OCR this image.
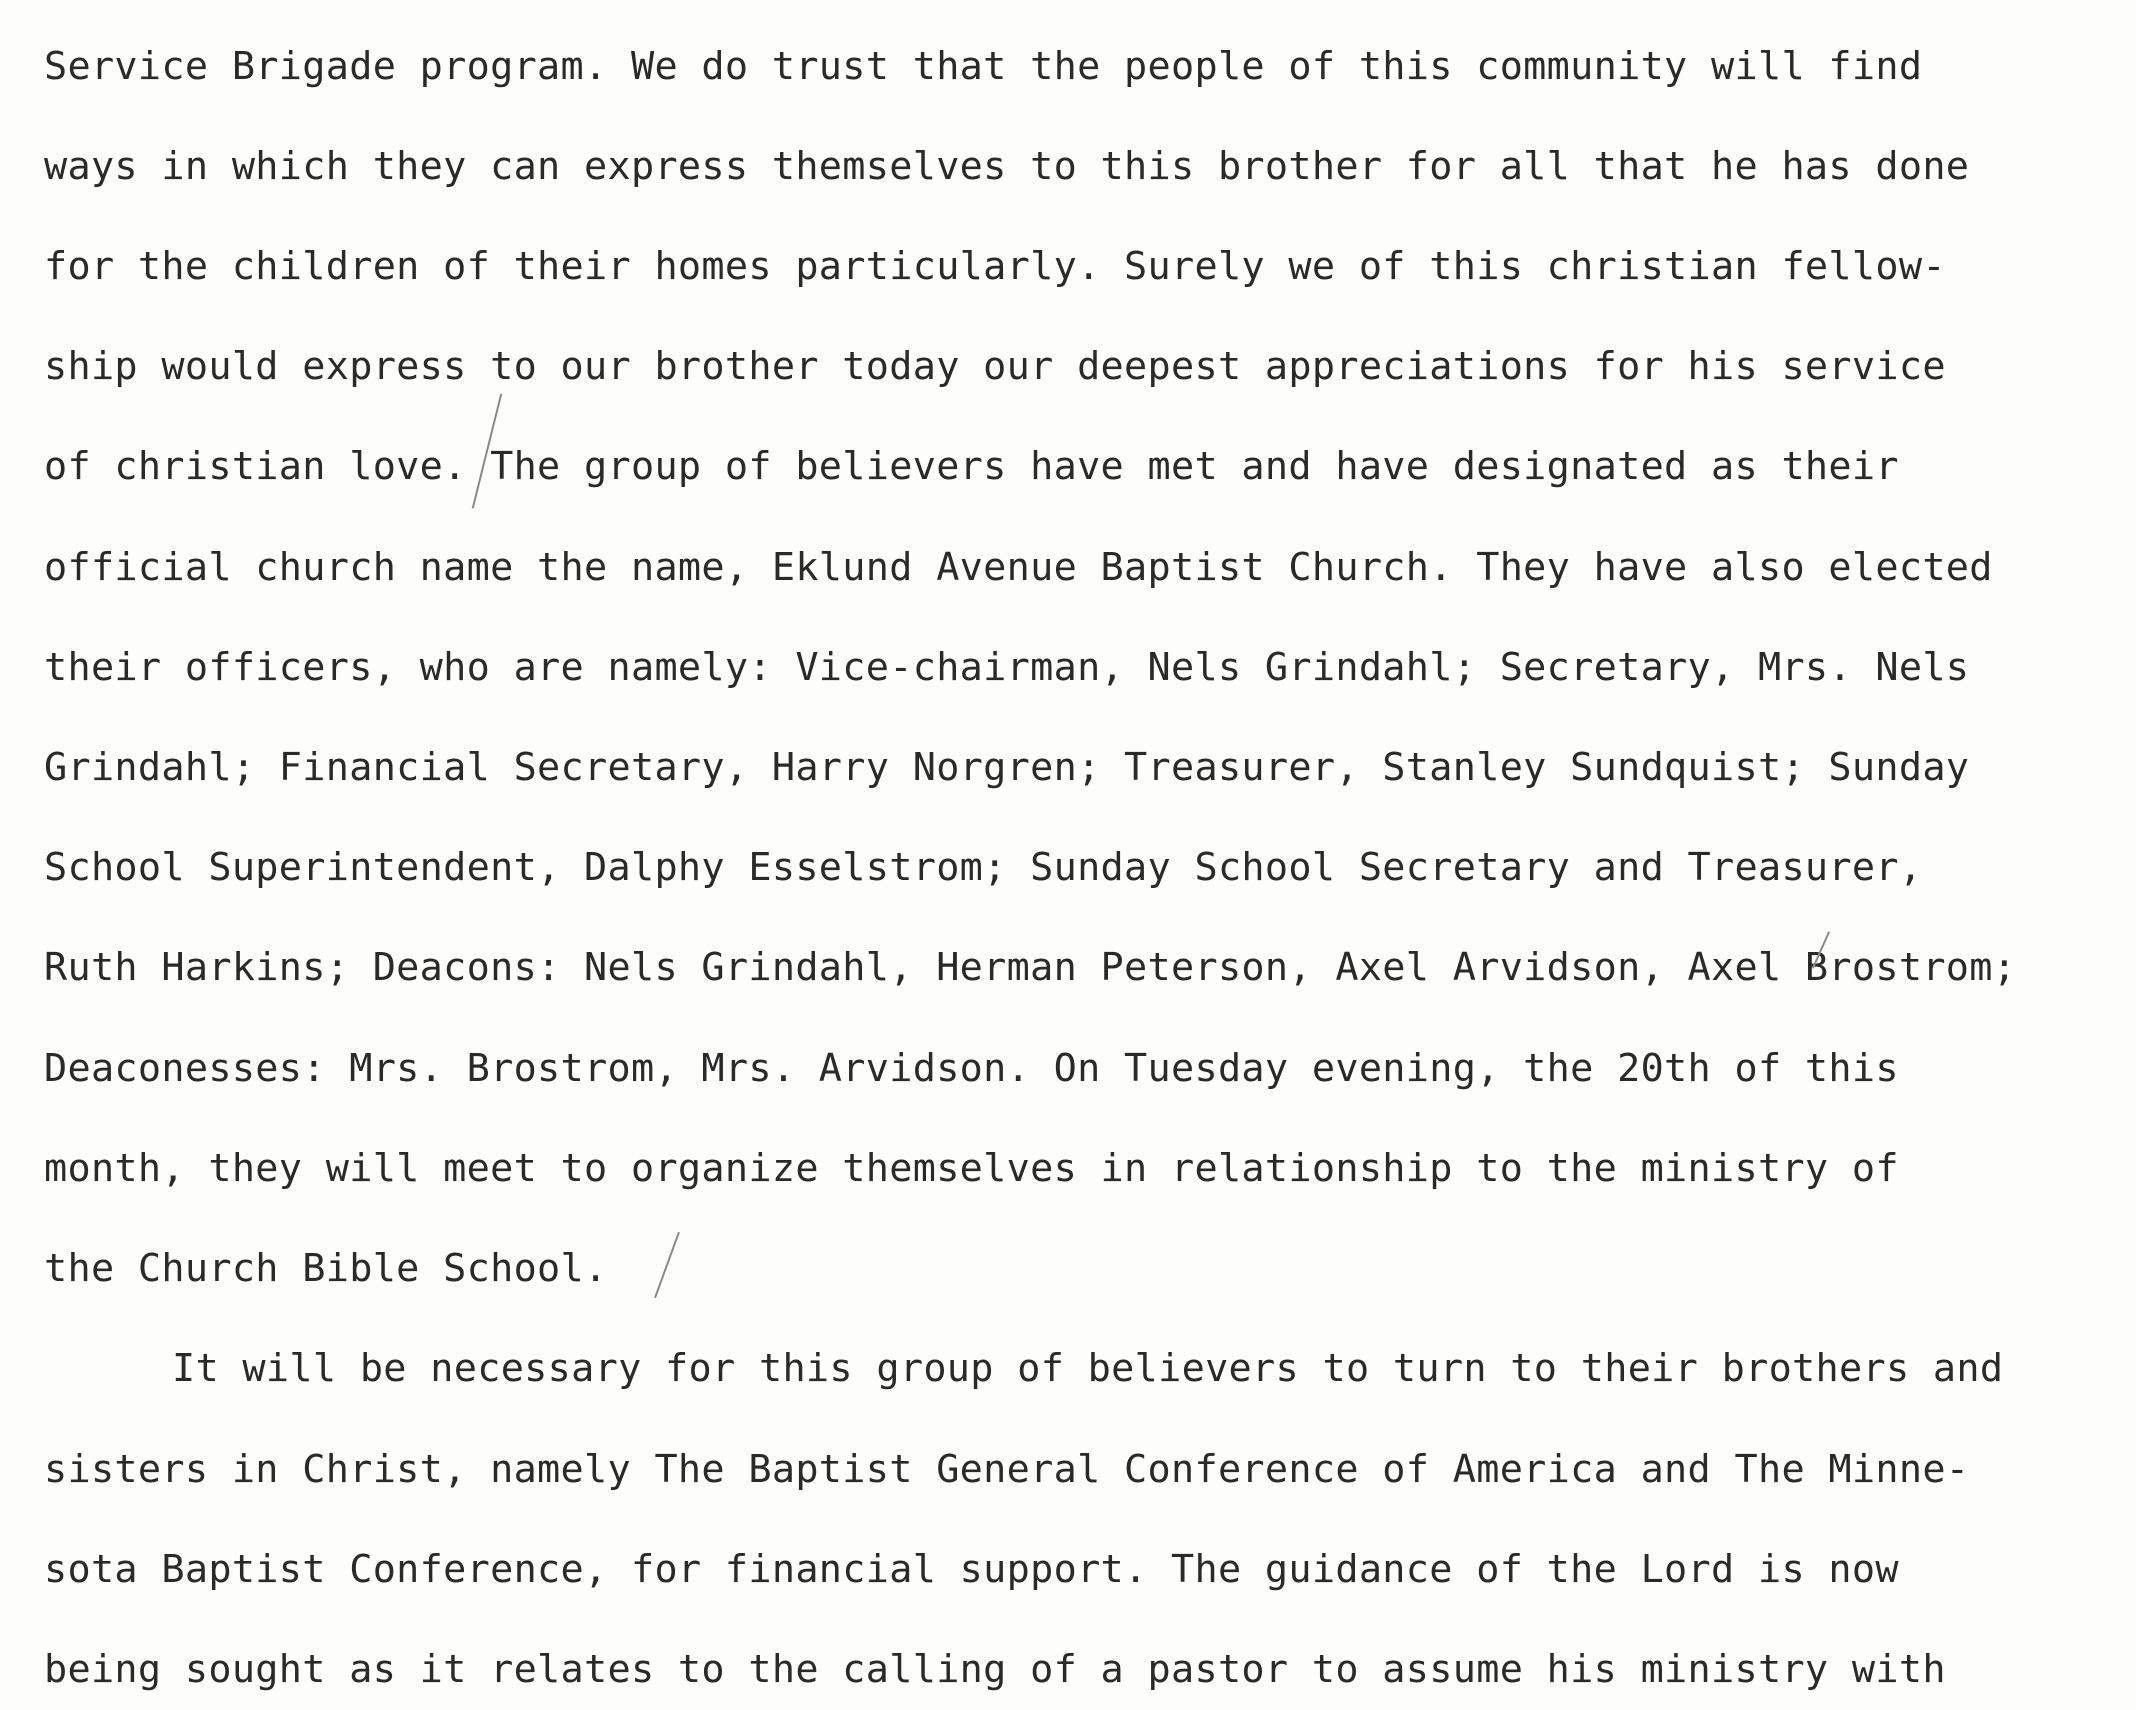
Service Brigade program. We do trust that the people of this community will find
ways in which they can express themselves to this brother for all that he has done
for the children of their homes particularly. Surely we of this christian fellow-
ship would express to our brother today our deepest appreciations for his service
of christian love. The group of believers have met and have designated as their
official church name the name, Eklund Avenue Baptist Church. They have also elected
their officers, who are namely: Vice-chairman, Nels Grindahl; Secretary, Mrs. Nels
Grindahl; Financial Secretary, Harry Norgren; Treasurer, Stanley Sundquist; Sunday
School Superintendent, Dalphy Esselstrom; Sunday School Secretary and Treasurer,
Ruth Harkins; Deacons: Nels Grindahl, Herman Peterson, Axel Arvidson, Axel Brostrom;
Deaconesses: Mrs. Brostrom, Mrs. Arvidson. On Tuesday evening, the 20th of this
month, they will meet to organize themselves in relationship to the ministry of
the Church Bible School.
It will be necessary for this group of believers to turn to their brothers and
sisters in Christ, namely The Baptist General Conference of America and The Minne-
sota Baptist Conference, for financial support. The guidance of the Lord is now
being sought as it relates to the calling of a pastor to assume his ministry with
